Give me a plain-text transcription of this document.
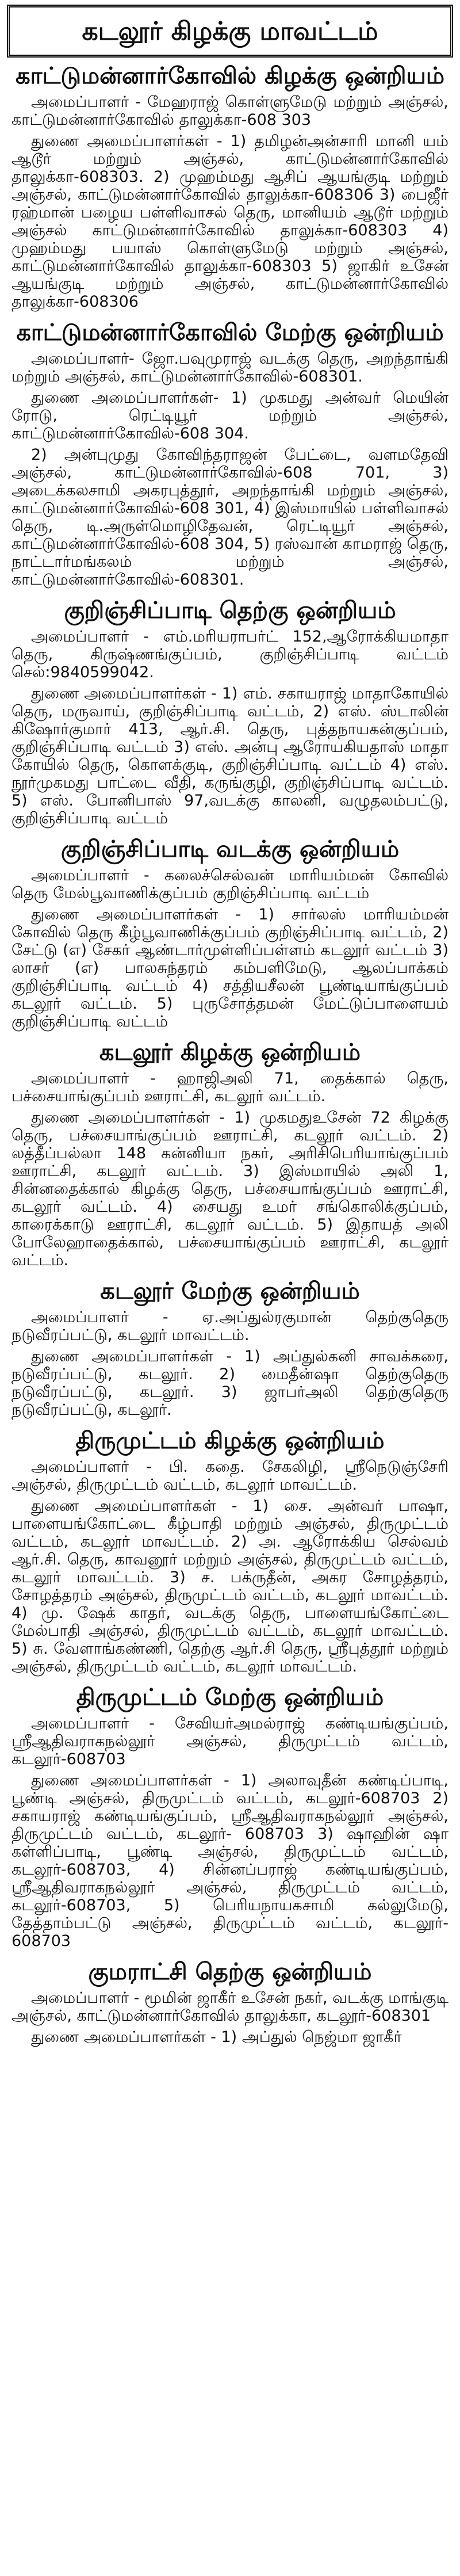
கடலூர் கிழக்கு மாவட்டம்
காட்டுமன்னார்கோவில் கிழக்கு ஒன்றியம்

அமைப்பாளர் - மேஹராஜ் கொள்ளுமேடு மற்றும் அஞ்சல், காட்டுமன்னார்கோவில் தாலுக்கா-608 303

துணை அமைப்பாளர்கள் - 1) தமிழன்அன்சாரி மானி யம் ஆடூர் மற்றும் அஞ்சல், காட்டுமன்னார்கோவில் தாலுக்கா-608303. 2) முஹம்மது ஆசிப் ஆயங்குடி மற்றும் அஞ்சல், காட்டுமன்னார்கோவில் தாலுக்கா-608306 3) பைஜீர் ரஹ்மான் பழைய பள்ளிவாசல் தெரு, மானியம் ஆடூர் மற்றும் அஞ்சல் காட்டுமன்னார்கோவில் தாலுக்கா-608303 4) முஹம்மது பயாஸ் கொள்ளுமேடு மற்றும் அஞ்சல், காட்டுமன்னார்கோவில் தாலுக்கா-608303 5) ஜாகிர் உசேன் ஆயங்குடி மற்றும் அஞ்சல், காட்டுமன்னார்கோவில் தாலுக்கா-608306

காட்டுமன்னார்கோவில் மேற்கு ஒன்றியம்

அமைப்பாளர்- ஜோ.பவுமுராஜ் வடக்கு தெரு, அறந்தாங்கி மற்றும் அஞ்சல், காட்டுமன்னார்கோவில்-608301.

துணை அமைப்பாளர்கள்- 1) முகமது அன்வர் மெயின் ரோடு, ரெட்டியூர் மற்றும் அஞ்சல், காட்டுமன்னார்கோவில்-608 304.

2) அன்புமுது கோவிந்தராஜன் பேட்டை, வளமதேவி அஞ்சல், காட்டுமன்னார்கோவில்-608 701, 3) அடைக்கலசாமி அகரபுத்தூர், அறந்தாங்கி மற்றும் அஞ்சல், காட்டுமன்னார்கோவில்-608 301, 4) இஸ்மாயில் பள்ளிவாசல் தெரு, டி.அருள்மொழிதேவன், ரெட்டியூர் அஞ்சல், காட்டுமன்னார்கோவில்-608 304, 5) ரஸ்வான் காமராஜ் தெரு, நாட்டார்மங்கலம் மற்றும் அஞ்சல், காட்டுமன்னார்கோவில்-608301.

குறிஞ்சிப்பாடி தெற்கு ஒன்றியம்

அமைப்பாளர் - எம்.மரியராபர்ட் 152,ஆரோக்கியமாதா தெரு, கிருஷ்ணங்குப்பம், குறிஞ்சிப்பாடி வட்டம் செல்:9840599042.

துணை அமைப்பாளர்கள் - 1) எம். சகாயராஜ் மாதாகோயில் தெரு, மருவாய், குறிஞ்சிப்பாடி வட்டம், 2) எஸ். ஸ்டாலின் கிஷோர்குமார் 413, ஆர்.சி. தெரு, புத்தநாயகன்குப்பம், குறிஞ்சிப்பாடி வட்டம் 3) எஸ். அன்பு ஆரோயகியதாஸ் மாதா கோயில் தெரு, கொளக்குடி, குறிஞ்சிப்பாடி வட்டம் 4) எஸ். நூர்முகமது பாட்டை வீதி, கருங்குழி, குறிஞ்சிப்பாடி வட்டம். 5) எஸ். போனிபாஸ் 97,வடக்கு காலனி, வழுதலம்பட்டு, குறிஞ்சிப்பாடி வட்டம்

குறிஞ்சிப்பாடி வடக்கு ஒன்றியம்

அமைப்பாளர் - கலைச்செல்வன் மாரியம்மன் கோவில் தெரு மேல்பூவாணிக்குப்பம் குறிஞ்சிப்பாடி வட்டம்

துணை அமைப்பாளர்கள் - 1) சார்லஸ் மாரியம்மன் கோவில் தெரு கீழ்பூவாணிக்குப்பம் குறிஞ்சிப்பாடி வட்டம், 2) சேட்டு (எ) சேகர் ஆண்டார்முள்ளிப்பள்ளம் கடலூர் வட்டம் 3) லாசர் (எ) பாலசுந்தரம் கம்பளிமேடு, ஆலப்பாக்கம் குறிஞ்சிப்பாடி வட்டம் 4) சத்தியசீலன் பூண்டியாங்குப்பம் கடலூர் வட்டம். 5) புருசோத்தமன் மேட்டுப்பாளையம் குறிஞ்சிப்பாடி வட்டம்

கடலூர் கிழக்கு ஒன்றியம்

அமைப்பாளர் - ஹாஜிஅலி 71, தைக்கால் தெரு, பச்சையாங்குப்பம் ஊராட்சி, கடலூர் வட்டம்.

துணை அமைப்பாளர்கள் - 1) முகமதுஉசேன் 72 கிழக்கு தெரு, பச்சையாங்குப்பம் ஊராட்சி, கடலூர் வட்டம். 2) லத்தீப்பல்லா 148 கன்னியா நகர், அரிசிபெரியாங்குப்பம் ஊராட்சி, கடலூர் வட்டம். 3) இஸ்மாயில் அலி 1, சின்னதைக்கால் கிழக்கு தெரு, பச்சையாங்குப்பம் ஊராட்சி, கடலூர் வட்டம். 4) சையது உமர் சங்கொலிக்குப்பம், காரைக்காடு ஊராட்சி, கடலூர் வட்டம். 5) இதாயத் அலி போலேஹாதைக்கால், பச்சையாங்குப்பம் ஊராட்சி, கடலூர் வட்டம்.

கடலூர் மேற்கு ஒன்றியம்

அமைப்பாளர் - ஏ.அப்துல்ரகுமான் தெற்குதெரு நடுவீரப்பட்டு, கடலூர் மாவட்டம்.

துணை அமைப்பாளர்கள் - 1) அப்துல்கனி சாவக்கரை, நடுவீரப்பட்டு, கடலூர். 2) மைதீன்ஷா தெற்குதெரு நடுவீரப்பட்டு, கடலூர். 3) ஜாபர்அலி தெற்குதெரு நடுவீரப்பட்டு, கடலூர்.

திருமுட்டம் கிழக்கு ஒன்றியம்

அமைப்பாளர் - பி. கதை. சேகலிழி, ஸ்ரீநெடுஞ்சேரி அஞ்சல், திருமுட்டம் வட்டம், கடலூர் மாவட்டம்.

துணை அமைப்பாளர்கள் - 1) சை. அன்வர் பாஷா, பாளையங்கோட்டை கீழ்பாதி மற்றும் அஞ்சல், திருமுட்டம் வட்டம், கடலூர் மாவட்டம். 2) அ. ஆரோக்கிய செல்வம் ஆர்.சி. தெரு, காவனூர் மற்றும் அஞ்சல், திருமுட்டம் வட்டம், கடலூர் மாவட்டம். 3) ச. பக்ருதீன், அகர சோழத்தரம், சோழத்தரம் அஞ்சல், திருமுட்டம் வட்டம், கடலூர் மாவட்டம். 4) மு. ஷேக் காதர், வடக்கு தெரு, பாளையங்கோட்டை மேல்பாதி அஞ்சல், திருமுட்டம் வட்டம், கடலூர் மாவட்டம். 5) சு. வேளாங்கண்ணி, தெற்கு ஆர்.சி தெரு, ஸ்ரீபுத்தூர் மற்றும் அஞ்சல், திருமுட்டம் வட்டம், கடலூர் மாவட்டம்.

திருமுட்டம் மேற்கு ஒன்றியம்

அமைப்பாளர் - சேவியர்அமல்ராஜ் கண்டியங்குப்பம், ஸ்ரீஆதிவராகநல்லூர் அஞ்சல், திருமுட்டம் வட்டம், கடலூர்-608703

துணை அமைப்பாளர்கள் - 1) அலாவுதீன் கண்டிப்பாடி, பூண்டி அஞ்சல், திருமுட்டம் வட்டம், கடலூர்-608703 2) சகாயராஜ் கண்டியங்குப்பம், ஸ்ரீஆதிவராகநல்லூர் அஞ்சல், திருமுட்டம் வட்டம், கடலூர்- 608703 3) ஷாஹின் ஷா கள்ளிப்பாடி, பூண்டி அஞ்சல், திருமுட்டம் வட்டம், கடலூர்-608703, 4) சின்னப்பராஜ் கண்டியங்குப்பம், ஸ்ரீஆதிவராகநல்லூர் அஞ்சல், திருமுட்டம் வட்டம், கடலூர்-608703, 5) பெரியநாயகசாமி கல்லுமேடு, தேத்தாம்பட்டு அஞ்சல், திருமுட்டம் வட்டம், கடலூர்- 608703

குமராட்சி தெற்கு ஒன்றியம்

அமைப்பாளர் - மூமின் ஜாகீர் உசேன் நகர், வடக்கு மாங்குடி அஞ்சல், காட்டுமன்னார்கோவில் தாலுக்கா, கடலூர்-608301

துணை அமைப்பாளர்கள் - 1) அப்துல் நெஜ்மா ஜாகீர்
